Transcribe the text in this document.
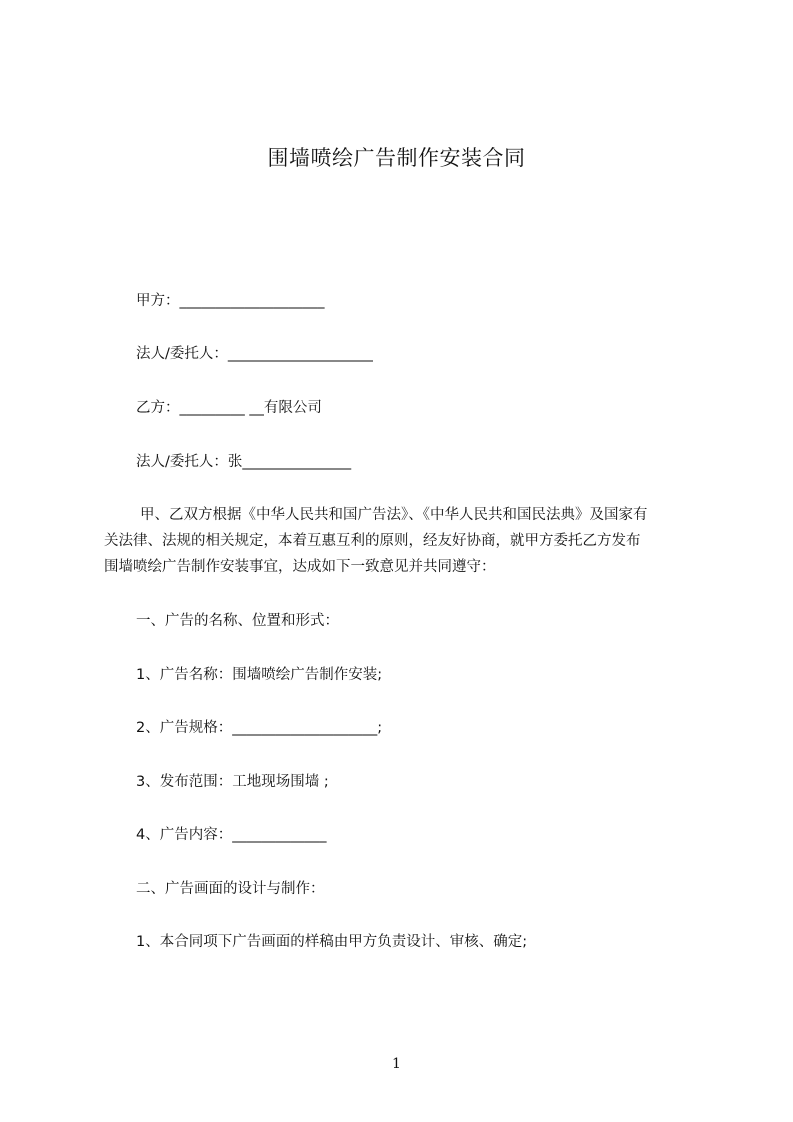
围墙喷绘广告制作安装合同
甲方：____________________
法人/委托人：____________________
乙方：_________ __有限公司
法人/委托人：张_______________
甲、乙双方根据《中华人民共和国广告法》、《中华人民共和国民法典》及国家有
关法律、法规的相关规定，本着互惠互利的原则，经友好协商，就甲方委托乙方发布
围墙喷绘广告制作安装事宜，达成如下一致意见并共同遵守：
一、广告的名称、位置和形式：
1、广告名称：围墙喷绘广告制作安装;
2、广告规格：____________________;
3、发布范围：工地现场围墙 ;
4、广告内容：_____________
二、广告画面的设计与制作：
1、本合同项下广告画面的样稿由甲方负责设计、审核、确定;
1
